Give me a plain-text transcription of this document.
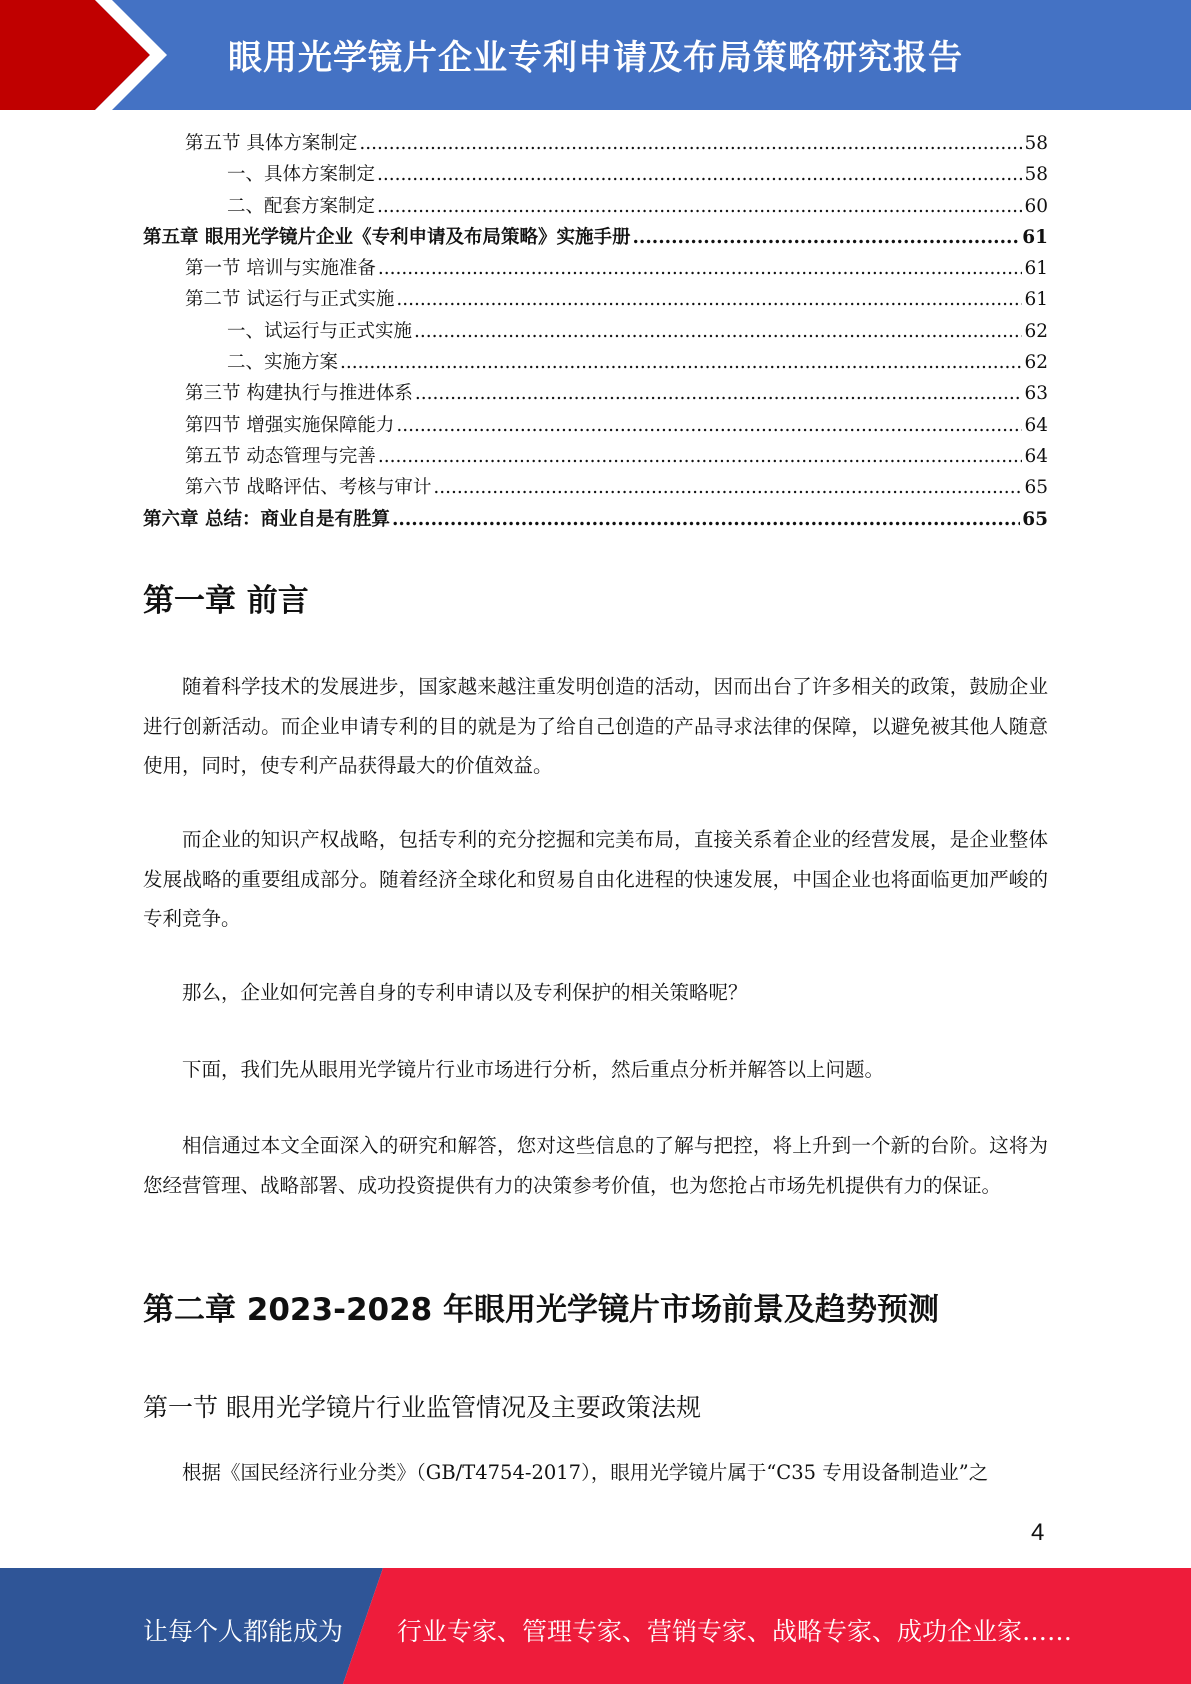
眼用光学镜片企业专利申请及布局策略研究报告
第五节 具体方案制定 .....	58
一、具体方案制定 .....	58
二、配套方案制定 .....	60
第五章 眼用光学镜片企业《专利申请及布局策略》实施手册 .....	61
第一节 培训与实施准备 .....	61
第二节 试运行与正式实施 .....	61
一、试运行与正式实施 .....	62
二、实施方案 .....	62
第三节 构建执行与推进体系 .....	63
第四节 增强实施保障能力 .....	64
第五节 动态管理与完善 .....	64
第六节 战略评估、考核与审计 .....	65
第六章 总结：商业自是有胜算 .....	65
第一章 前言
随着科学技术的发展进步，国家越来越注重发明创造的活动，因而出台了许多相关的政策，鼓励企业进行创新活动。而企业申请专利的目的就是为了给自己创造的产品寻求法律的保障，以避免被其他人随意使用，同时，使专利产品获得最大的价值效益。
而企业的知识产权战略，包括专利的充分挖掘和完美布局，直接关系着企业的经营发展，是企业整体发展战略的重要组成部分。随着经济全球化和贸易自由化进程的快速发展，中国企业也将面临更加严峻的专利竞争。
那么，企业如何完善自身的专利申请以及专利保护的相关策略呢？
下面，我们先从眼用光学镜片行业市场进行分析，然后重点分析并解答以上问题。
相信通过本文全面深入的研究和解答，您对这些信息的了解与把控，将上升到一个新的台阶。这将为您经营管理、战略部署、成功投资提供有力的决策参考价值，也为您抢占市场先机提供有力的保证。
第二章 2023-2028 年眼用光学镜片市场前景及趋势预测
第一节 眼用光学镜片行业监管情况及主要政策法规
根据《国民经济行业分类》（GB/T4754-2017），眼用光学镜片属于“C35 专用设备制造业”之
4
让每个人都能成为 行业专家、管理专家、营销专家、战略专家、成功企业家……
